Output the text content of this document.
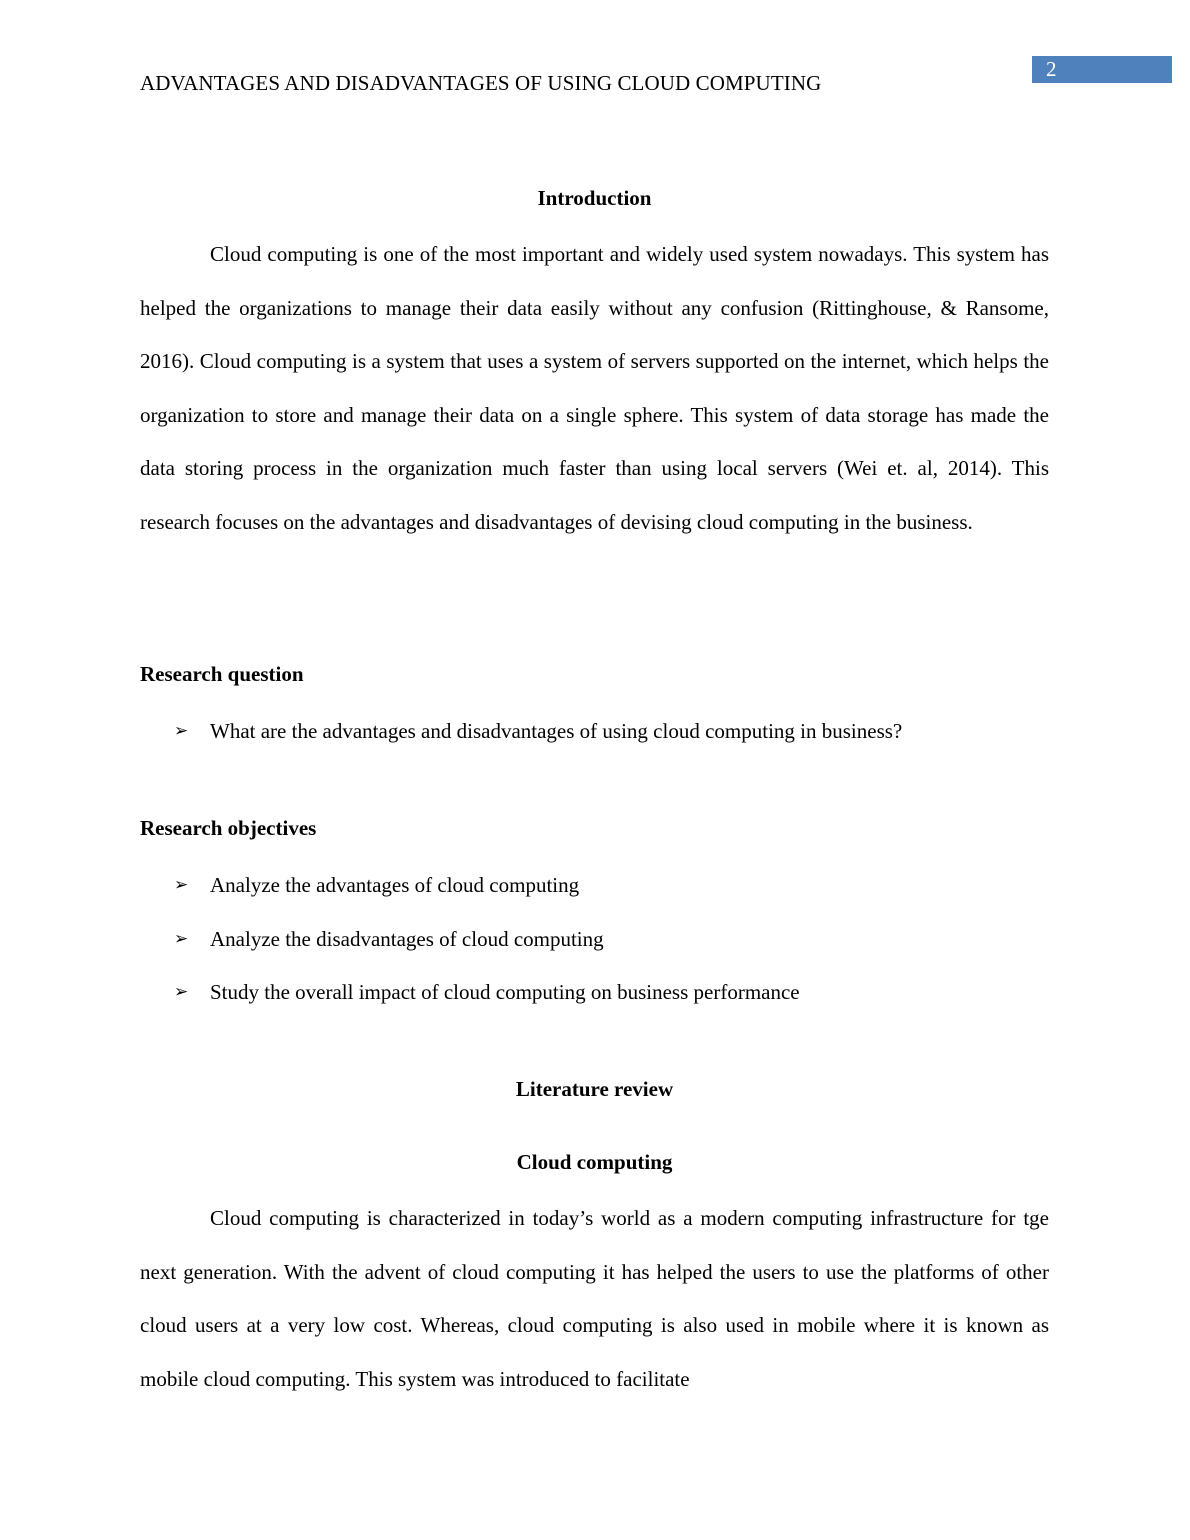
ADVANTAGES AND DISADVANTAGES OF USING CLOUD COMPUTING
2
Introduction

Cloud computing is one of the most important and widely used system nowadays. This system has helped the organizations to manage their data easily without any confusion (Rittinghouse, & Ransome, 2016). Cloud computing is a system that uses a system of servers supported on the internet, which helps the organization to store and manage their data on a single sphere. This system of data storage has made the data storing process in the organization much faster than using local servers (Wei et. al, 2014). This research focuses on the advantages and disadvantages of devising cloud computing in the business.

Research question
➢ What are the advantages and disadvantages of using cloud computing in business?
Research objectives
➢ Analyze the advantages of cloud computing
➢ Analyze the disadvantages of cloud computing
➢ Study the overall impact of cloud computing on business performance
Literature review
Cloud computing

Cloud computing is characterized in today’s world as a modern computing infrastructure for tge next generation. With the advent of cloud computing it has helped the users to use the platforms of other cloud users at a very low cost. Whereas, cloud computing is also used in mobile where it is known as mobile cloud computing. This system was introduced to facilitate
